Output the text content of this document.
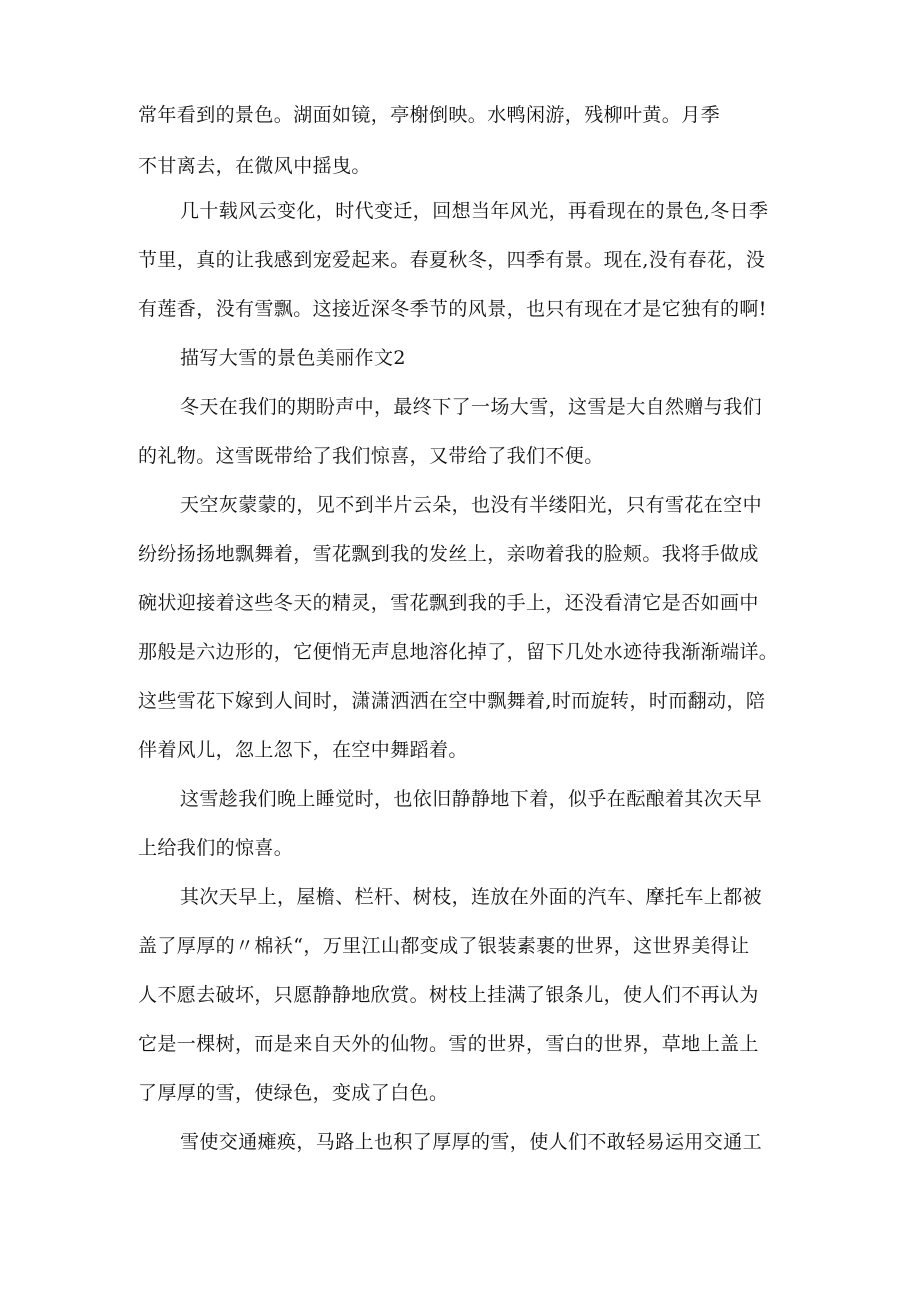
常年看到的景色。湖面如镜，亭榭倒映。水鸭闲游，残柳叶黄。月季
不甘离去，在微风中摇曳。
几十载风云变化，时代变迁，回想当年风光，再看现在的景色,冬日季
节里，真的让我感到宠爱起来。春夏秋冬，四季有景。现在,没有春花，没
有莲香，没有雪飘。这接近深冬季节的风景，也只有现在才是它独有的啊!
描写大雪的景色美丽作文2
冬天在我们的期盼声中，最终下了一场大雪，这雪是大自然赠与我们
的礼物。这雪既带给了我们惊喜，又带给了我们不便。
天空灰蒙蒙的，见不到半片云朵，也没有半缕阳光，只有雪花在空中
纷纷扬扬地飘舞着，雪花飘到我的发丝上，亲吻着我的脸颊。我将手做成
碗状迎接着这些冬天的精灵，雪花飘到我的手上，还没看清它是否如画中
那般是六边形的，它便悄无声息地溶化掉了，留下几处水迹待我渐渐端详。
这些雪花下嫁到人间时，潇潇洒洒在空中飘舞着,时而旋转，时而翻动，陪
伴着风儿，忽上忽下，在空中舞蹈着。
这雪趁我们晚上睡觉时，也依旧静静地下着，似乎在酝酿着其次天早
上给我们的惊喜。
其次天早上，屋檐、栏杆、树枝，连放在外面的汽车、摩托车上都被
盖了厚厚的〃棉袄“，万里江山都变成了银装素裹的世界，这世界美得让
人不愿去破坏，只愿静静地欣赏。树枝上挂满了银条儿，使人们不再认为
它是一棵树，而是来自天外的仙物。雪的世界，雪白的世界，草地上盖上
了厚厚的雪，使绿色，变成了白色。
雪使交通瘫痪，马路上也积了厚厚的雪，使人们不敢轻易运用交通工
